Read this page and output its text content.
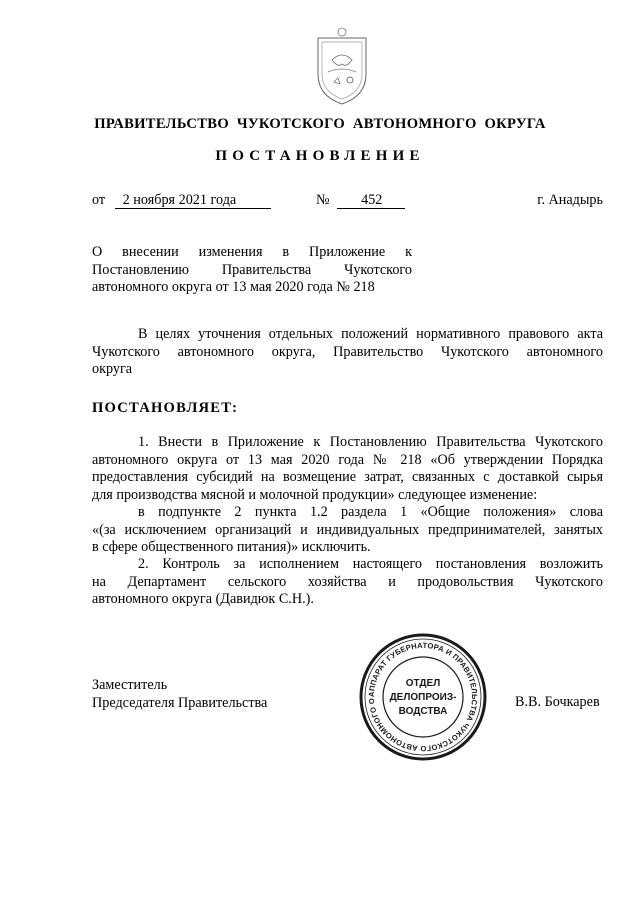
ПРАВИТЕЛЬСТВО  ЧУКОТСКОГО  АВТОНОМНОГО  ОКРУГА
ПОСТАНОВЛЕНИЕ
от 2 ноября 2021 года	№ 452	г. Анадырь
О  внесении  изменения  в  Приложение  к
Постановлению  Правительства  Чукотского
автономного округа от 13 мая 2020 года № 218
В целях уточнения отдельных положений нормативного правового акта
Чукотского  автономного  округа,  Правительство  Чукотского  автономного
округа
ПОСТАНОВЛЯЕТ:
1. Внести в Приложение к Постановлению Правительства Чукотского
автономного округа от 13 мая 2020 года № 218 «Об утверждении Порядка
предоставления субсидий на возмещение затрат, связанных с доставкой сырья
для производства мясной и молочной продукции» следующее изменение:
в  подпункте  2  пункта  1.2  раздела  1  «Общие  положения»  слова
«(за исключением организаций и индивидуальных предпринимателей, занятых
в сфере общественного питания)» исключить.
2.  Контроль  за  исполнением  настоящего  постановления  возложить
на   Департамент   сельского   хозяйства   и   продовольствия   Чукотского
автономного округа (Давидюк С.Н.).
Заместитель
Председателя Правительства	В.В. Бочкарев
АППАРАТ ГУБЕРНАТОРА И ПРАВИТЕЛЬСТВА ЧУКОТСКОГО АВТОНОМНОГО О
ОТДЕЛ
ДЕЛОПРОИЗ-
ВОДСТВА
